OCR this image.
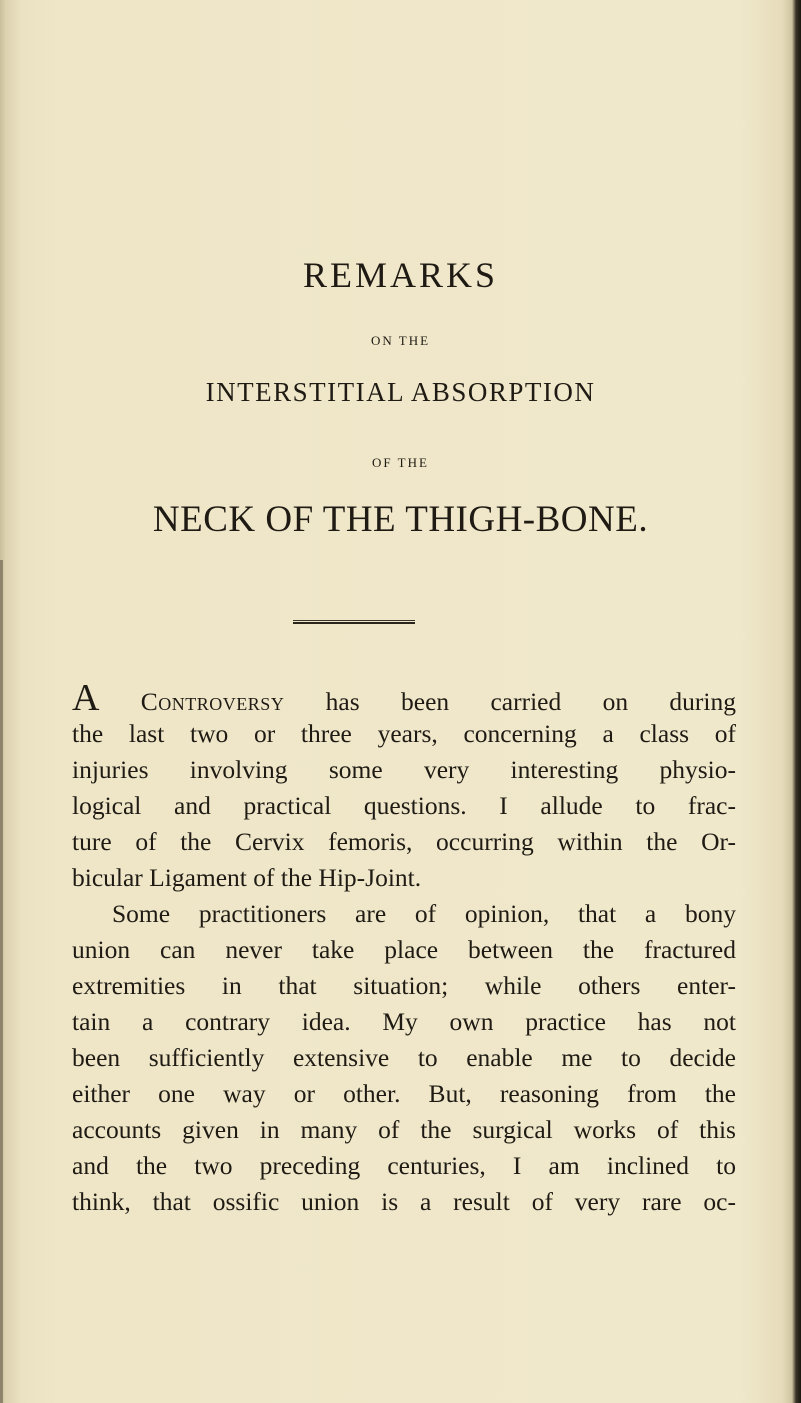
REMARKS
ON THE
INTERSTITIAL ABSORPTION
OF THE
NECK OF THE THIGH-BONE.
A Controversy has been carried on during
the last two or three years, concerning a class of
injuries involving some very interesting physio-
logical and practical questions. I allude to frac-
ture of the Cervix femoris, occurring within the Or-
bicular Ligament of the Hip-Joint.
Some practitioners are of opinion, that a bony
union can never take place between the fractured
extremities in that situation; while others enter-
tain a contrary idea. My own practice has not
been sufficiently extensive to enable me to decide
either one way or other. But, reasoning from the
accounts given in many of the surgical works of this
and the two preceding centuries, I am inclined to
think, that ossific union is a result of very rare oc-
